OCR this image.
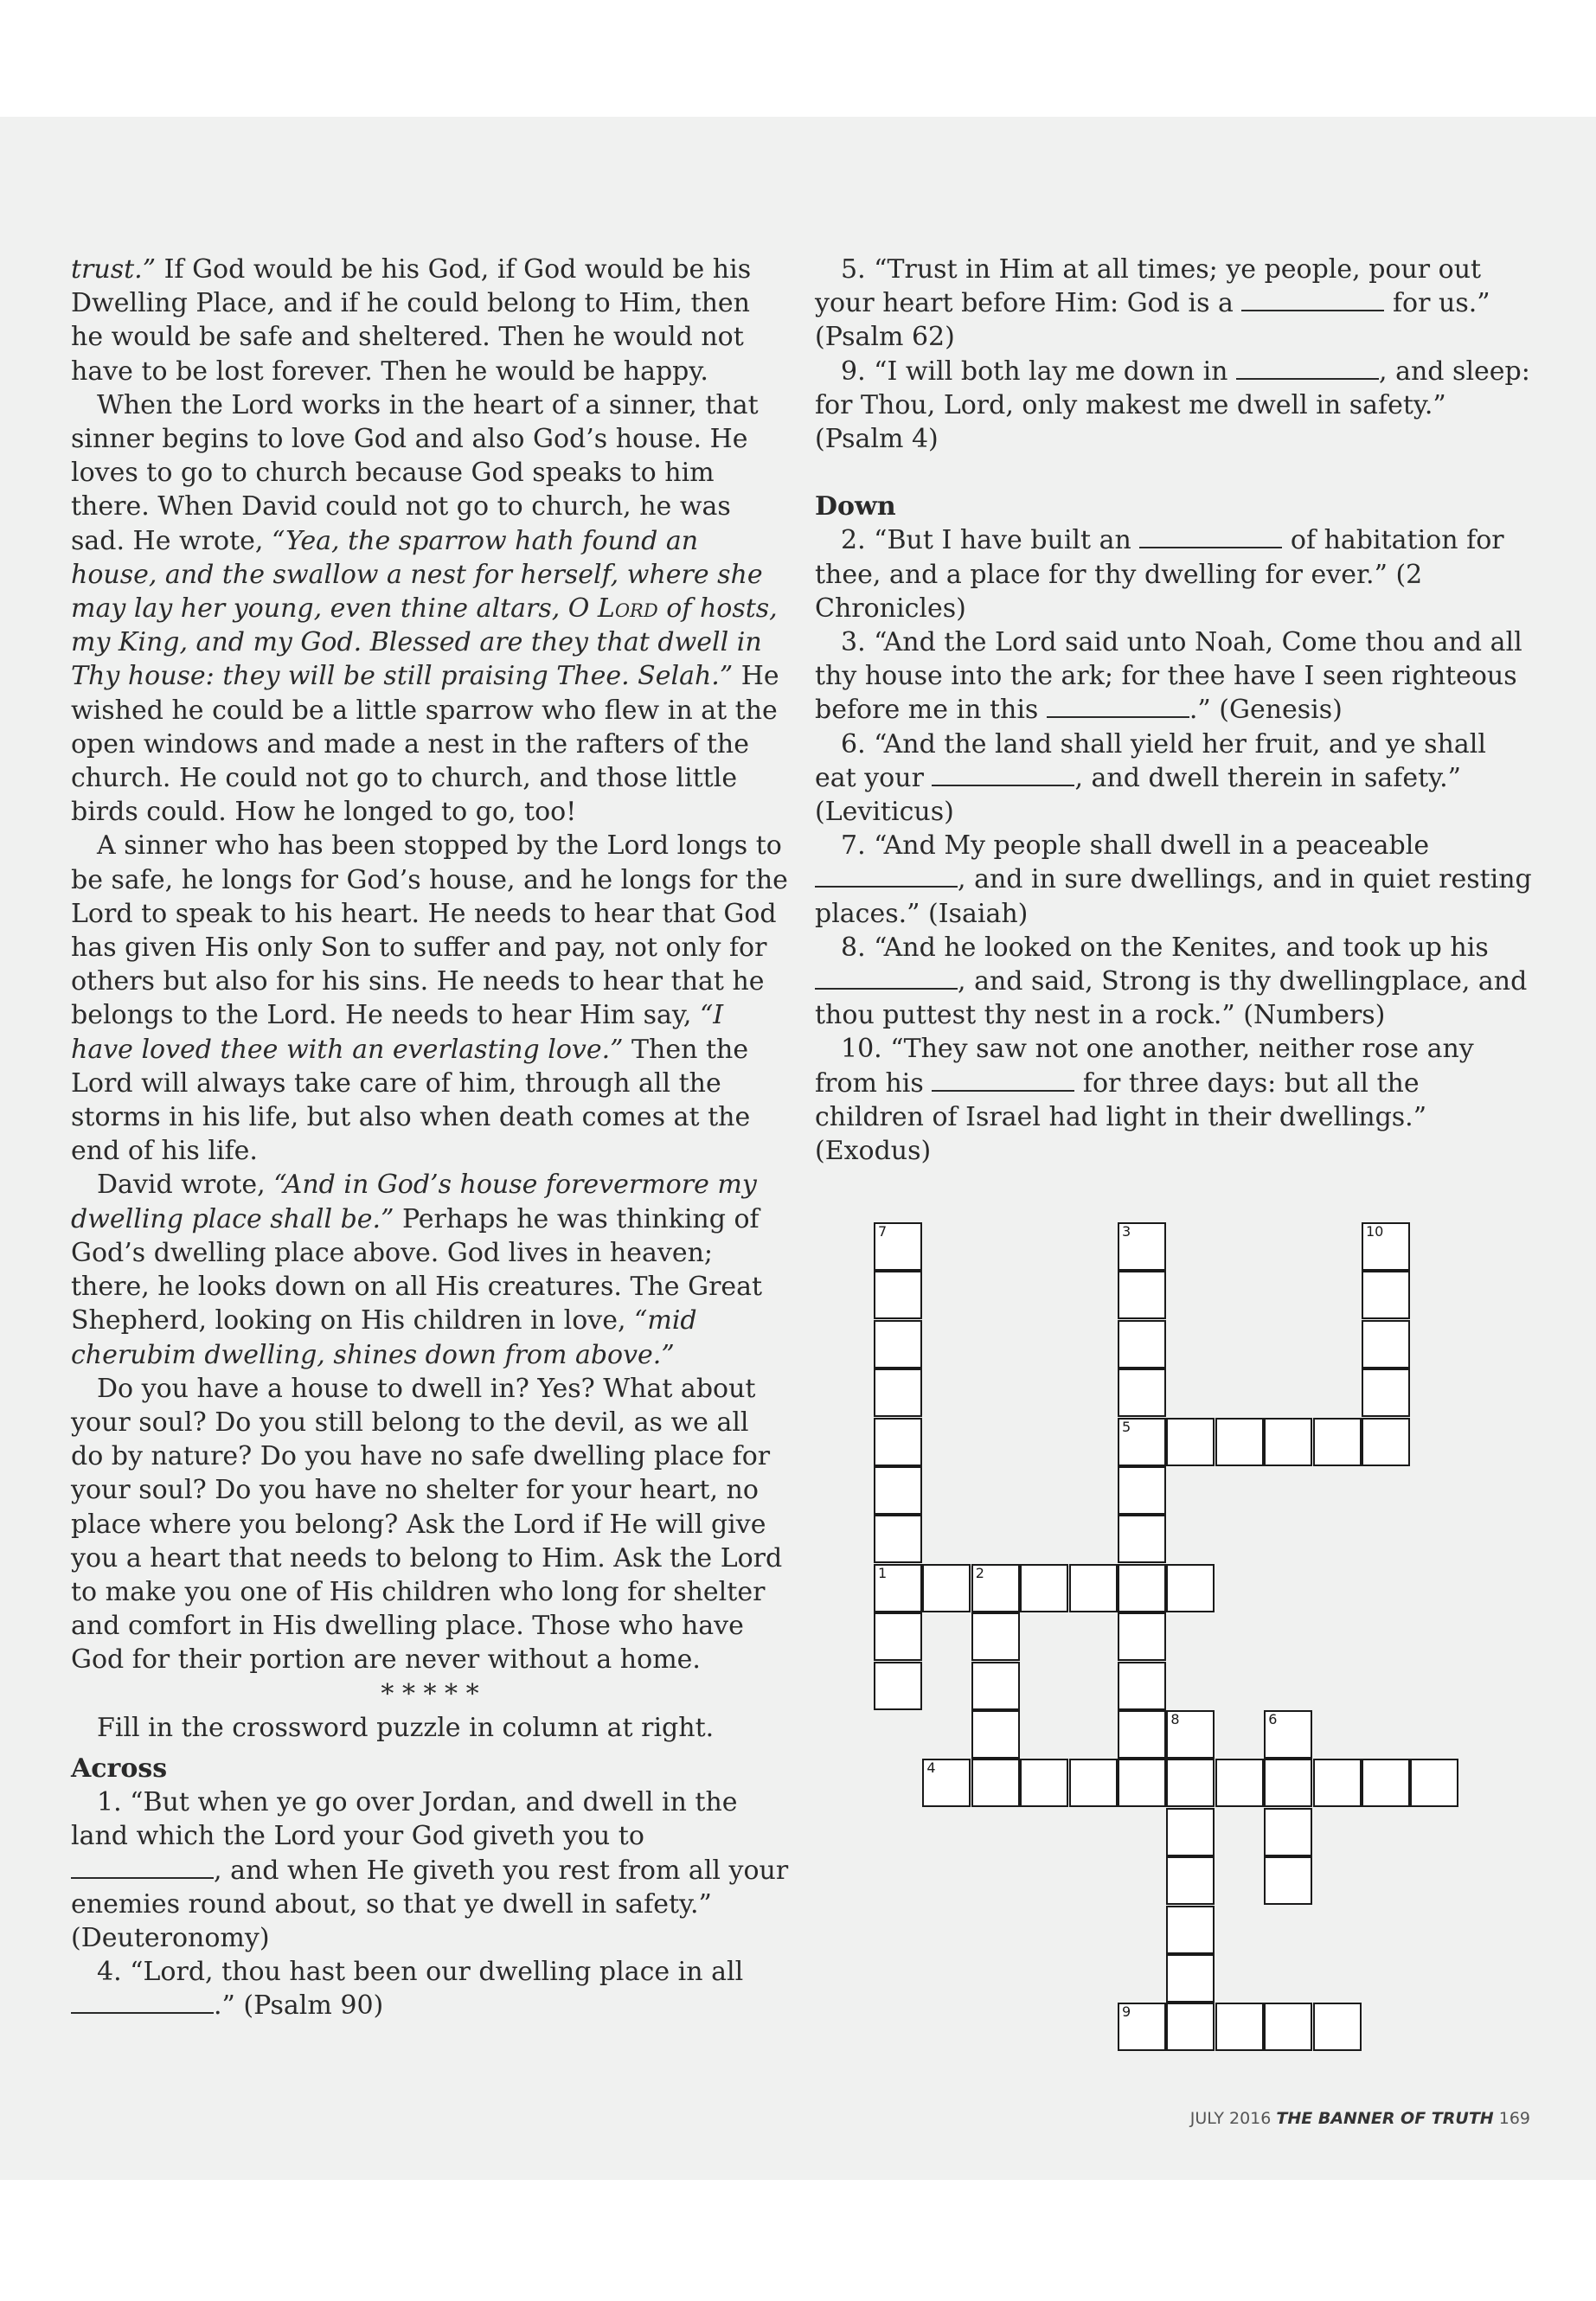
trust.” If God would be his God, if God would be his Dwelling Place, and if he could belong to Him, then he would be safe and sheltered. Then he would not have to be lost forever. Then he would be happy.

When the Lord works in the heart of a sinner, that sinner begins to love God and also God’s house. He loves to go to church because God speaks to him there. When David could not go to church, he was sad. He wrote, “Yea, the sparrow hath found an house, and the swallow a nest for herself, where she may lay her young, even thine altars, O Lord of hosts, my King, and my God. Blessed are they that dwell in Thy house: they will be still praising Thee. Selah.” He wished he could be a little sparrow who flew in at the open windows and made a nest in the rafters of the church. He could not go to church, and those little birds could. How he longed to go, too!

A sinner who has been stopped by the Lord longs to be safe, he longs for God’s house, and he longs for the Lord to speak to his heart. He needs to hear that God has given His only Son to suffer and pay, not only for others but also for his sins. He needs to hear that he belongs to the Lord. He needs to hear Him say, “I have loved thee with an everlasting love.” Then the Lord will always take care of him, through all the storms in his life, but also when death comes at the end of his life.

David wrote, “And in God’s house forevermore my dwelling place shall be.” Perhaps he was thinking of God’s dwelling place above. God lives in heaven; there, he looks down on all His creatures. The Great Shepherd, looking on His children in love, “mid cherubim dwelling, shines down from above.”

Do you have a house to dwell in? Yes? What about your soul? Do you still belong to the devil, as we all do by nature? Do you have no safe dwelling place for your soul? Do you have no shelter for your heart, no place where you belong? Ask the Lord if He will give you a heart that needs to belong to Him. Ask the Lord to make you one of His children who long for shelter and comfort in His dwelling place. Those who have God for their portion are never without a home.

* * * * *

Fill in the crossword puzzle in column at right.

Across

1. “But when ye go over Jordan, and dwell in the land which the Lord your God giveth you to , and when He giveth you rest from all your enemies round about, so that ye dwell in safety.” (Deuteronomy)

4. “Lord, thou hast been our dwelling place in all .” (Psalm 90)

5. “Trust in Him at all times; ye people, pour out your heart before Him: God is a	for us.” (Psalm 62)

9. “I will both lay me down in	, and sleep: for Thou, Lord, only makest me dwell in safety.” (Psalm 4)

Down

2. “But I have built an	of habitation for thee, and a place for thy dwelling for ever.” (2 Chronicles)

3. “And the Lord said unto Noah, Come thou and all thy house into the ark; for thee have I seen righteous before me in this	.” (Genesis)

6. “And the land shall yield her fruit, and ye shall eat your	, and dwell therein in safety.” (Leviticus)

7. “And My people shall dwell in a peaceable , and in sure dwellings, and in quiet resting places.” (Isaiah)

8. “And he looked on the Kenites, and took up his , and said, Strong is thy dwellingplace, and thou puttest thy nest in a rock.” (Numbers)

10. “They saw not one another, neither rose any from his	for three days: but all the children of Israel had light in their dwellings.” (Exodus)

7
1
3
5
10
2
8	6
4
9
JULY 2016 THE BANNER OF TRUTH 169
